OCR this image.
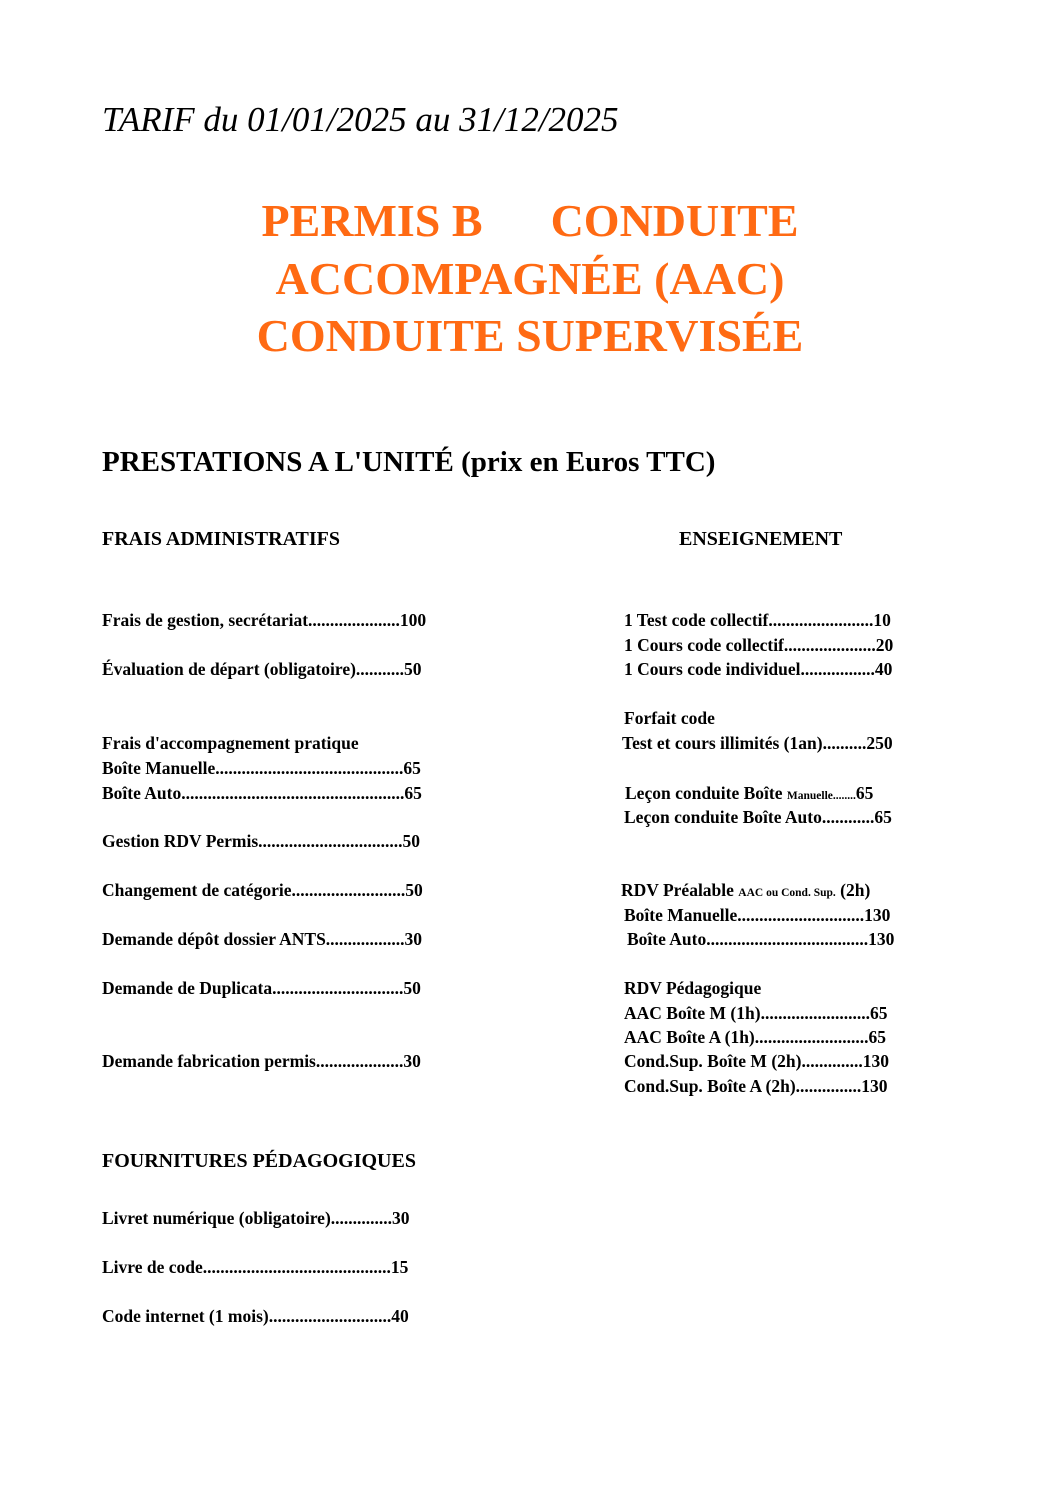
TARIF du 01/01/2025 au 31/12/2025
PERMIS B CONDUITE
ACCOMPAGNÉE (AAC)
CONDUITE SUPERVISÉE
PRESTATIONS A L'UNITÉ (prix en Euros TTC)
FRAIS ADMINISTRATIFS
Frais de gestion, secrétariat.....................100
Évaluation de départ (obligatoire)...........50
Frais d'accompagnement pratique
Boîte Manuelle...........................................65
Boîte Auto...................................................65
Gestion RDV Permis.................................50
Changement de catégorie..........................50
Demande dépôt dossier ANTS..................30
Demande de Duplicata..............................50
Demande fabrication permis....................30
FOURNITURES PÉDAGOGIQUES
Livret numérique (obligatoire)..............30
Livre de code...........................................15
Code internet (1 mois)............................40
ENSEIGNEMENT
1 Test code collectif........................10
1 Cours code collectif.....................20
1 Cours code individuel.................40
Forfait code
Test et cours illimités (1an)..........250
Leçon conduite Boîte Manuelle........65
Leçon conduite Boîte Auto............65
RDV Préalable AAC ou Cond. Sup. (2h)
Boîte Manuelle.............................130
Boîte Auto.....................................130
RDV Pédagogique
AAC Boîte M (1h).........................65
AAC Boîte A (1h)..........................65
Cond.Sup. Boîte M (2h)..............130
Cond.Sup. Boîte A (2h)...............130
